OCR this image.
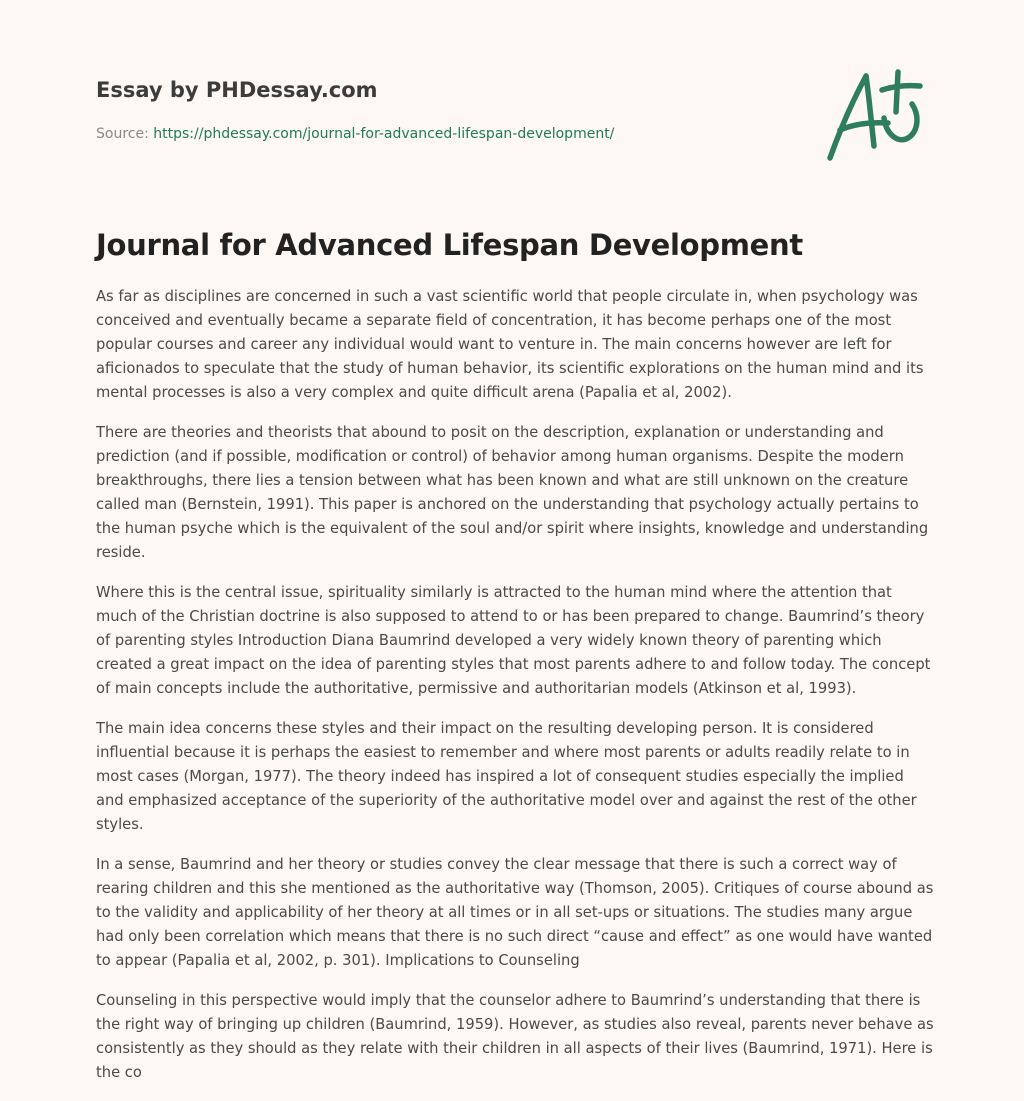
Essay by PHDessay.com
Source: https://phdessay.com/journal-for-advanced-lifespan-development/
Journal for Advanced Lifespan Development

As far as disciplines are concerned in such a vast scientific world that people circulate in, when psychology was conceived and eventually became a separate field of concentration, it has become perhaps one of the most popular courses and career any individual would want to venture in. The main concerns however are left for aficionados to speculate that the study of human behavior, its scientific explorations on the human mind and its mental processes is also a very complex and quite difficult arena (Papalia et al, 2002).

There are theories and theorists that abound to posit on the description, explanation or understanding and prediction (and if possible, modification or control) of behavior among human organisms. Despite the modern breakthroughs, there lies a tension between what has been known and what are still unknown on the creature called man (Bernstein, 1991). This paper is anchored on the understanding that psychology actually pertains to the human psyche which is the equivalent of the soul and/or spirit where insights, knowledge and understanding reside.

Where this is the central issue, spirituality similarly is attracted to the human mind where the attention that much of the Christian doctrine is also supposed to attend to or has been prepared to change. Baumrind’s theory of parenting styles Introduction Diana Baumrind developed a very widely known theory of parenting which created a great impact on the idea of parenting styles that most parents adhere to and follow today. The concept of main concepts include the authoritative, permissive and authoritarian models (Atkinson et al, 1993).

The main idea concerns these styles and their impact on the resulting developing person. It is considered influential because it is perhaps the easiest to remember and where most parents or adults readily relate to in most cases (Morgan, 1977). The theory indeed has inspired a lot of consequent studies especially the implied and emphasized acceptance of the superiority of the authoritative model over and against the rest of the other styles.

In a sense, Baumrind and her theory or studies convey the clear message that there is such a correct way of rearing children and this she mentioned as the authoritative way (Thomson, 2005). Critiques of course abound as to the validity and applicability of her theory at all times or in all set-ups or situations. The studies many argue had only been correlation which means that there is no such direct “cause and effect” as one would have wanted to appear (Papalia et al, 2002, p. 301). Implications to Counseling

Counseling in this perspective would imply that the counselor adhere to Baumrind’s understanding that there is the right way of bringing up children (Baumrind, 1959). However, as studies also reveal, parents never behave as consistently as they should as they relate with their children in all aspects of their lives (Baumrind, 1971). Here is the co
